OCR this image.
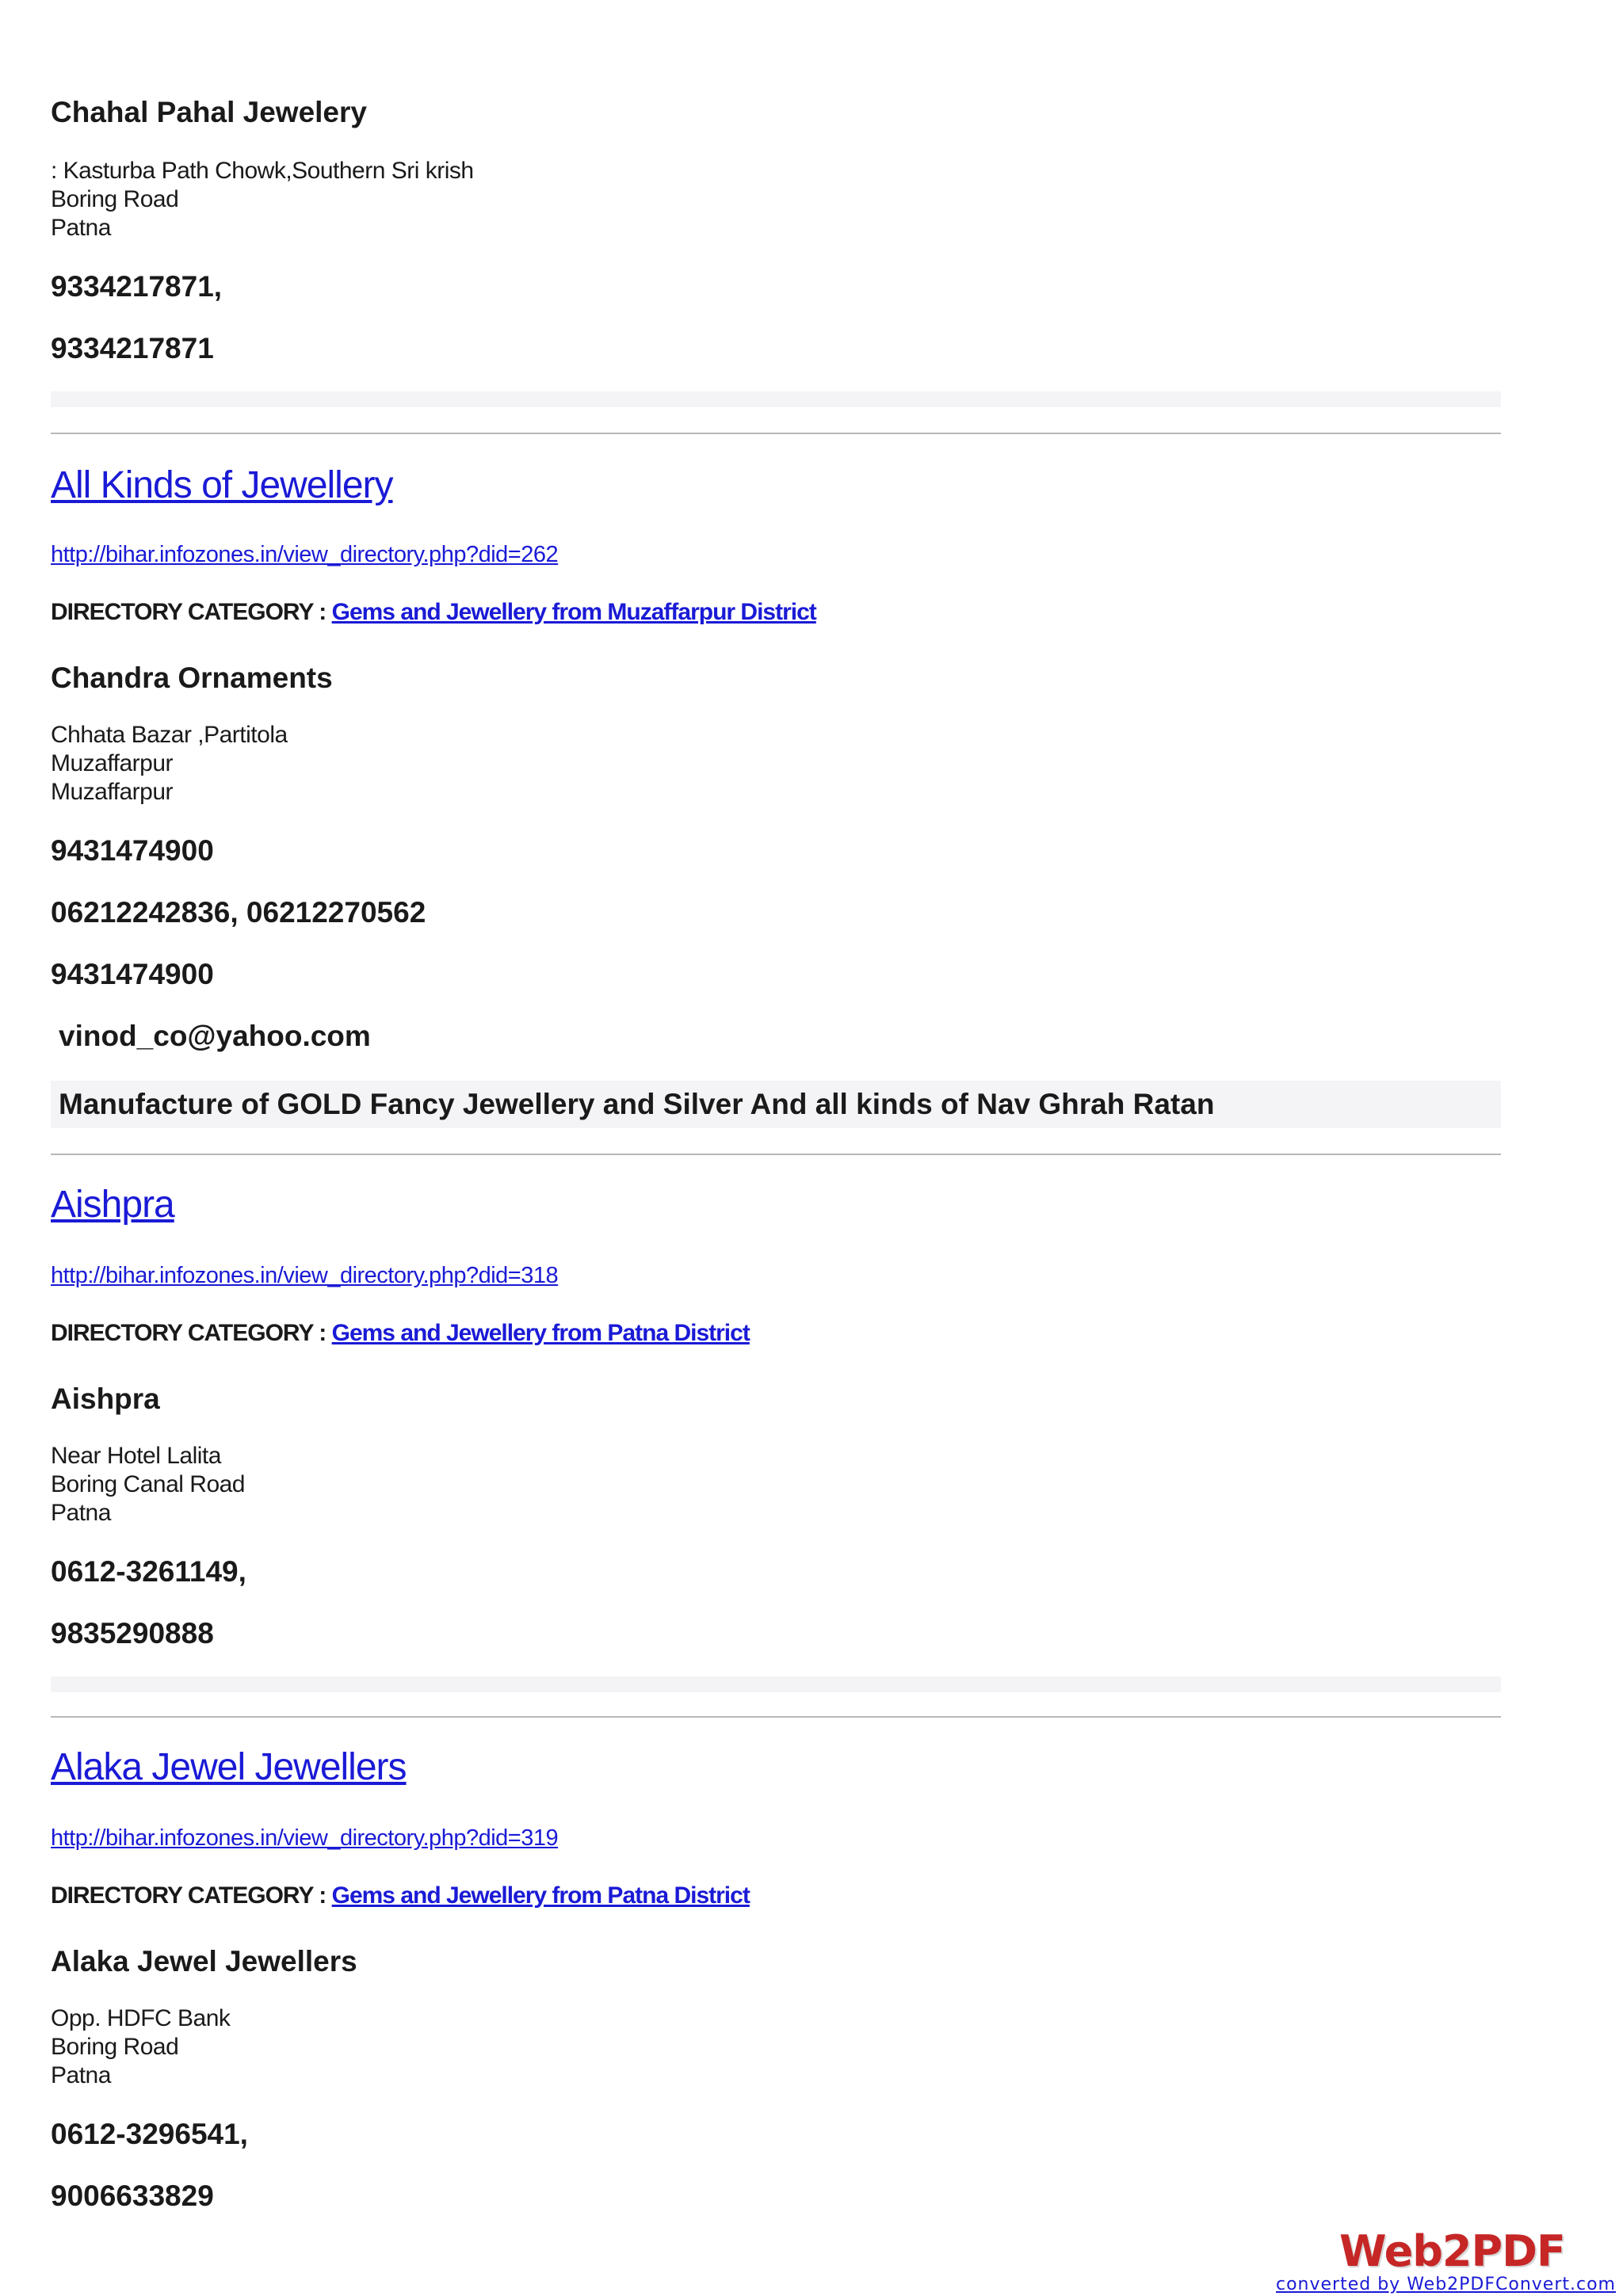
Chahal Pahal Jewelery
: Kasturba Path Chowk,Southern Sri krish
Boring Road
Patna
9334217871,
9334217871
All Kinds of Jewellery
http://bihar.infozones.in/view_directory.php?did=262
DIRECTORY CATEGORY : Gems and Jewellery from Muzaffarpur District
Chandra Ornaments
Chhata Bazar ,Partitola
Muzaffarpur
Muzaffarpur
9431474900
06212242836, 06212270562
9431474900
vinod_co@yahoo.com
Manufacture of GOLD Fancy Jewellery and Silver And all kinds of Nav Ghrah Ratan
Aishpra
http://bihar.infozones.in/view_directory.php?did=318
DIRECTORY CATEGORY : Gems and Jewellery from Patna District
Aishpra
Near Hotel Lalita
Boring Canal Road
Patna
0612-3261149,
9835290888
Alaka Jewel Jewellers
http://bihar.infozones.in/view_directory.php?did=319
DIRECTORY CATEGORY : Gems and Jewellery from Patna District
Alaka Jewel Jewellers
Opp. HDFC Bank
Boring Road
Patna
0612-3296541,
9006633829
Web2PDF
converted by Web2PDFConvert.com
